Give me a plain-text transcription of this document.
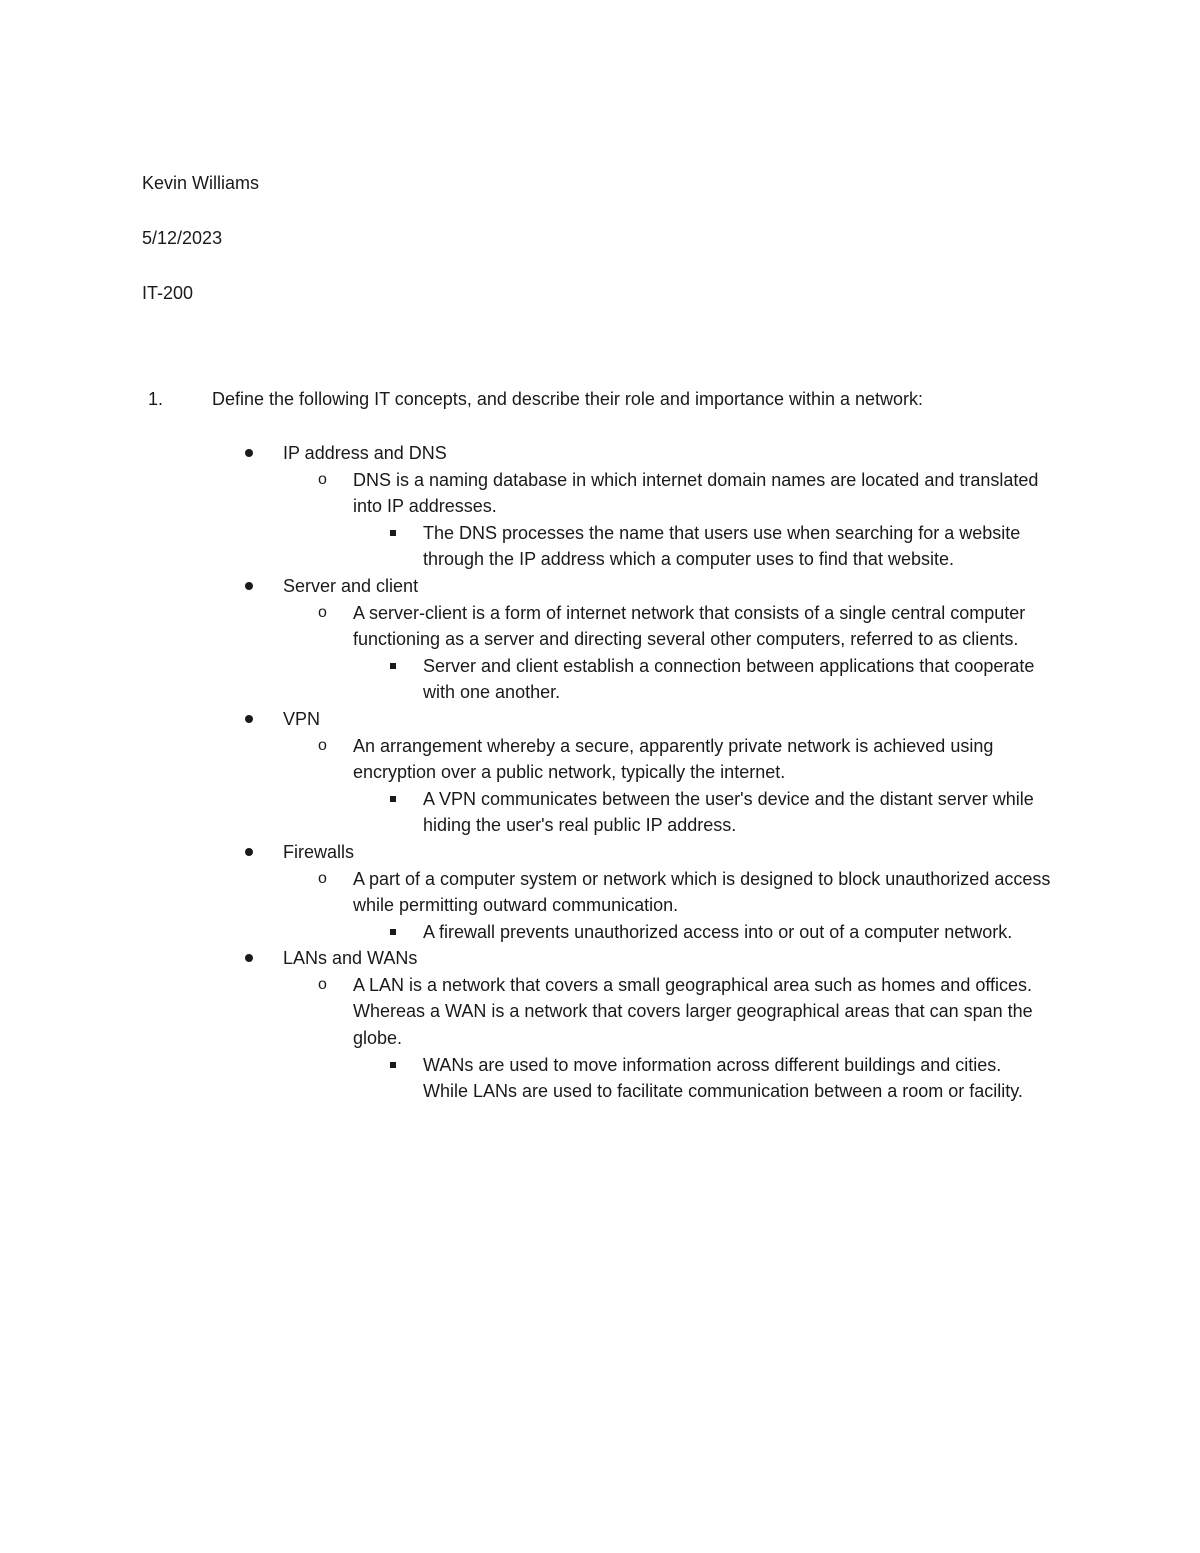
Kevin Williams
5/12/2023
IT-200
1.	Define the following IT concepts, and describe their role and importance within a network:
IP address and DNS
o DNS is a naming database in which internet domain names are located and translated into IP addresses.
The DNS processes the name that users use when searching for a website through the IP address which a computer uses to find that website.
Server and client
o A server-client is a form of internet network that consists of a single central computer functioning as a server and directing several other computers, referred to as clients.
Server and client establish a connection between applications that cooperate with one another.
VPN
o An arrangement whereby a secure, apparently private network is achieved using encryption over a public network, typically the internet.
A VPN communicates between the user's device and the distant server while hiding the user's real public IP address.
Firewalls
o A part of a computer system or network which is designed to block unauthorized access while permitting outward communication.
A firewall prevents unauthorized access into or out of a computer network.
LANs and WANs
o A LAN is a network that covers a small geographical area such as homes and offices. Whereas a WAN is a network that covers larger geographical areas that can span the globe.
WANs are used to move information across different buildings and cities. While LANs are used to facilitate communication between a room or facility.
